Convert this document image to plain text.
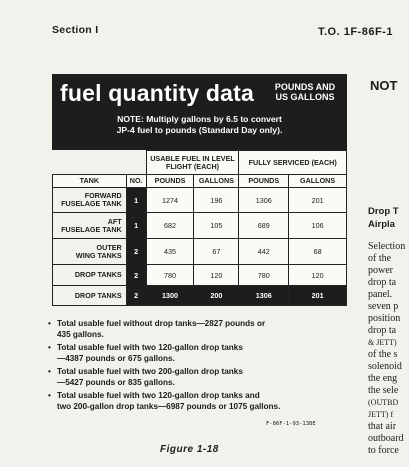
Section I	T.O. 1F-86F-1
fuel quantity data	POUNDS AND
US GALLONS
NOTE: Multiply gallons by 6.5 to convert
JP-4 fuel to pounds (Standard Day only).
		USABLE FUEL IN LEVEL FLIGHT (EACH)		FULLY SERVICED (EACH)	
TANK	NO.	POUNDS	GALLONS	POUNDS	GALLONS

FORWARD
FUSELAGE TANK	1	1274	196	1306	201

AFT
FUSELAGE TANK	1	682	105	689	106

OUTER
WING TANKS	2	435	67	442	68
DROP TANKS	2	780	120	780	120
DROP TANKS	2	1300	200	1306	201
• Total usable fuel without drop tanks—2827 pounds or
435 gallons.
• Total usable fuel with two 120-gallon drop tanks
—4387 pounds or 675 gallons.
• Total usable fuel with two 200-gallon drop tanks
—5427 pounds or 835 gallons.
• Total usable fuel with two 120-gallon drop tanks and
two 200-gallon drop tanks—6987 pounds or 1075 gallons.
F-86F-1-93-138E
Figure 1-18
NOT
Drop T
Airpla
Selection
of the
power
drop ta
panel.
seven p
position
drop ta
& JETT)
of the s
solenoid
the eng
the sele
(OUTBD
JETT) f
that air
outboard
to force
